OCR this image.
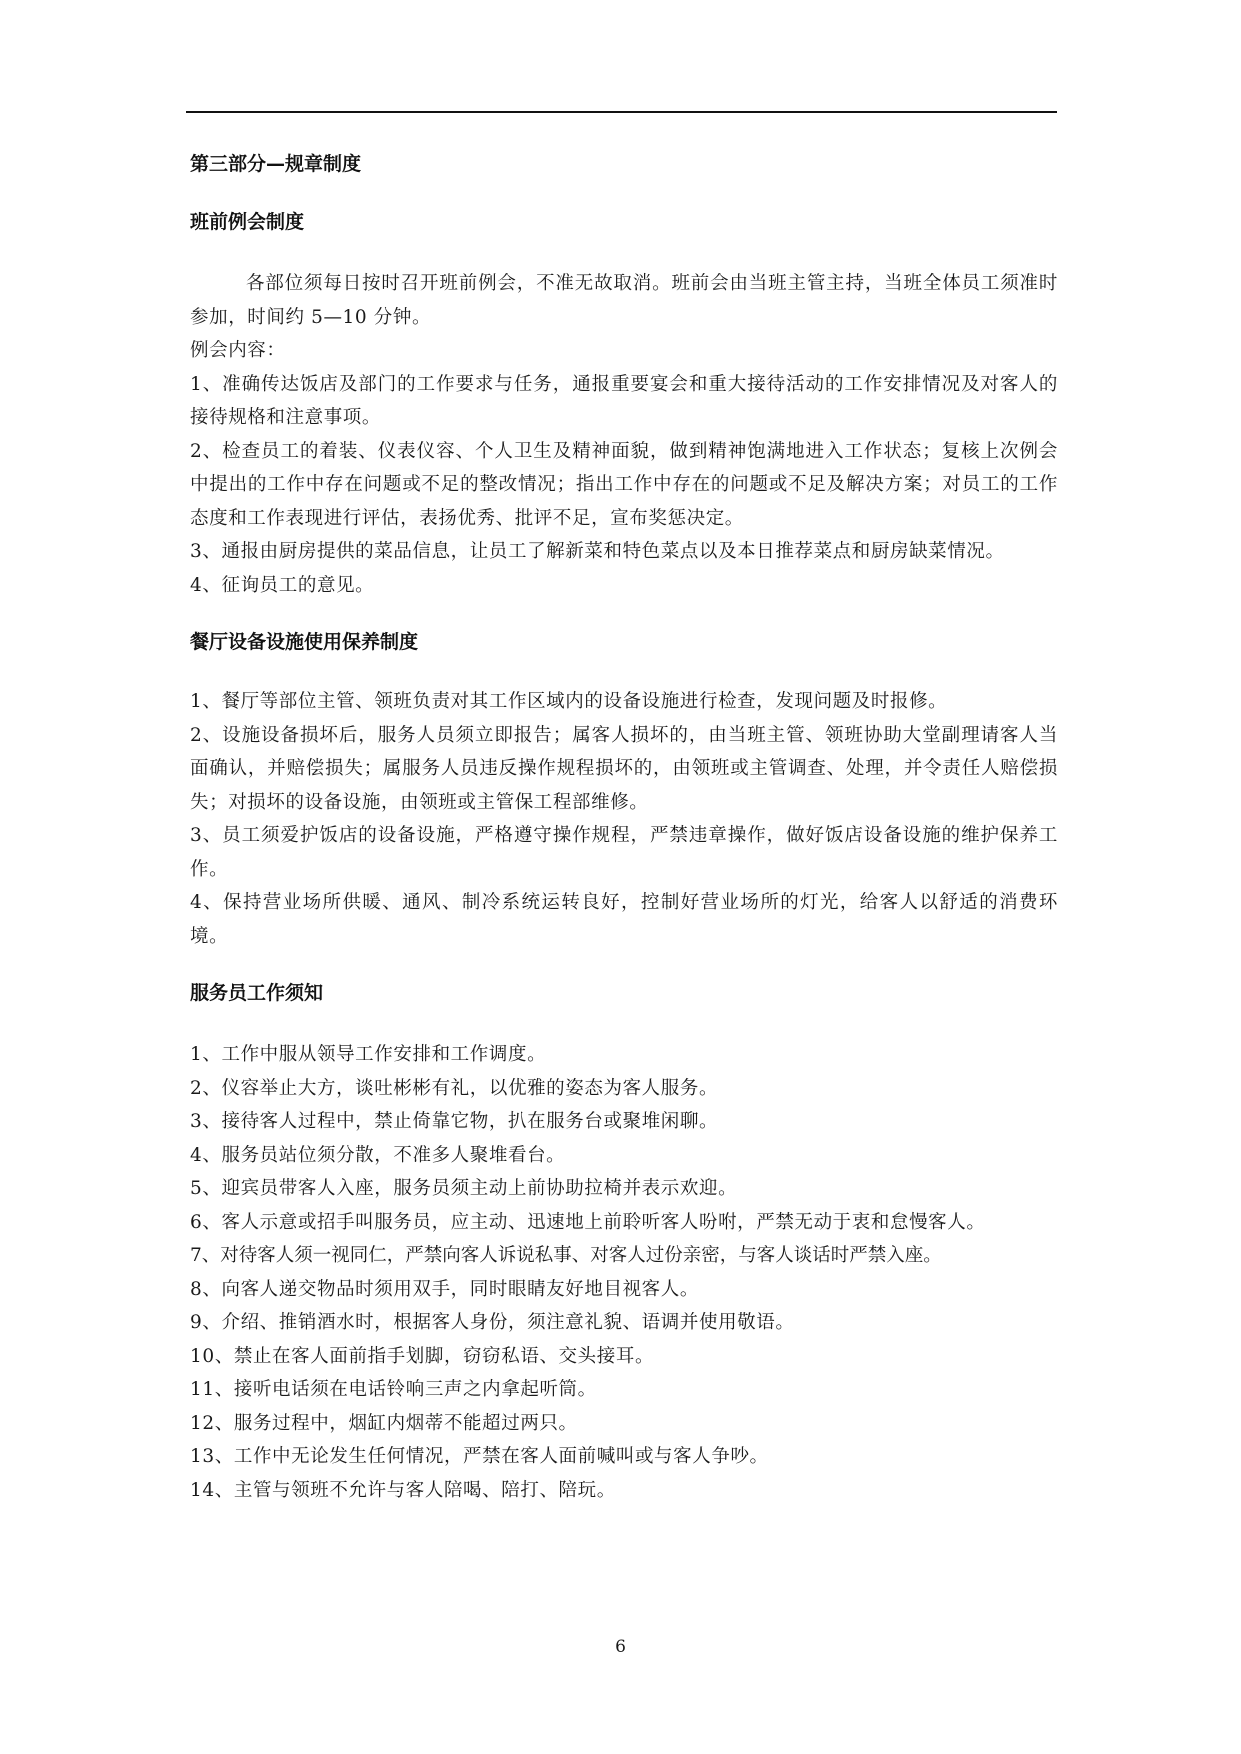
第三部分—规章制度
班前例会制度

各部位须每日按时召开班前例会，不准无故取消。班前会由当班主管主持，当班全体员工须准时参加，时间约 5—10 分钟。

例会内容：

1、准确传达饭店及部门的工作要求与任务，通报重要宴会和重大接待活动的工作安排情况及对客人的接待规格和注意事项。

2、检查员工的着装、仪表仪容、个人卫生及精神面貌，做到精神饱满地进入工作状态；复核上次例会中提出的工作中存在问题或不足的整改情况；指出工作中存在的问题或不足及解决方案；对员工的工作态度和工作表现进行评估，表扬优秀、批评不足，宣布奖惩决定。

3、通报由厨房提供的菜品信息，让员工了解新菜和特色菜点以及本日推荐菜点和厨房缺菜情况。

4、征询员工的意见。

餐厅设备设施使用保养制度

1、餐厅等部位主管、领班负责对其工作区域内的设备设施进行检查，发现问题及时报修。

2、设施设备损坏后，服务人员须立即报告；属客人损坏的，由当班主管、领班协助大堂副理请客人当面确认，并赔偿损失；属服务人员违反操作规程损坏的，由领班或主管调查、处理，并令责任人赔偿损失；对损坏的设备设施，由领班或主管保工程部维修。

3、员工须爱护饭店的设备设施，严格遵守操作规程，严禁违章操作，做好饭店设备设施的维护保养工作。

4、保持营业场所供暖、通风、制冷系统运转良好，控制好营业场所的灯光，给客人以舒适的消费环境。

服务员工作须知

1、工作中服从领导工作安排和工作调度。

2、仪容举止大方，谈吐彬彬有礼，以优雅的姿态为客人服务。

3、接待客人过程中，禁止倚靠它物，扒在服务台或聚堆闲聊。

4、服务员站位须分散，不准多人聚堆看台。

5、迎宾员带客人入座，服务员须主动上前协助拉椅并表示欢迎。

6、客人示意或招手叫服务员，应主动、迅速地上前聆听客人吩咐，严禁无动于衷和怠慢客人。

7、对待客人须一视同仁，严禁向客人诉说私事、对客人过份亲密，与客人谈话时严禁入座。

8、向客人递交物品时须用双手，同时眼睛友好地目视客人。

9、介绍、推销酒水时，根据客人身份，须注意礼貌、语调并使用敬语。

10、禁止在客人面前指手划脚，窃窃私语、交头接耳。

11、接听电话须在电话铃响三声之内拿起听筒。

12、服务过程中，烟缸内烟蒂不能超过两只。

13、工作中无论发生任何情况，严禁在客人面前喊叫或与客人争吵。

14、主管与领班不允许与客人陪喝、陪打、陪玩。

6
